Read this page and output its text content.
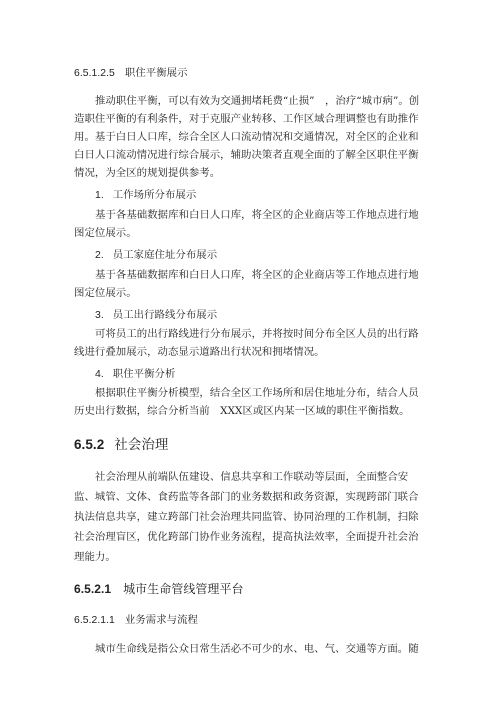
6.5.1.2.5 职住平衡展示
推动职住平衡，可以有效为交通拥堵耗费“止损”　，治疗“城市病”。创
造职住平衡的有利条件，对于克服产业转移、工作区域合理调整也有助推作
用。基于白日人口库，综合全区人口流动情况和交通情况，对全区的企业和
白日人口流动情况进行综合展示，辅助决策者直观全面的了解全区职住平衡
情况，为全区的规划提供参考。
1. 工作场所分布展示
基于各基础数据库和白日人口库，将全区的企业商店等工作地点进行地
图定位展示。
2. 员工家庭住址分布展示
基于各基础数据库和白日人口库，将全区的企业商店等工作地点进行地
图定位展示。
3. 员工出行路线分布展示
可将员工的出行路线进行分布展示，并将按时间分布全区人员的出行路
线进行叠加展示，动态显示道路出行状况和拥堵情况。
4. 职住平衡分析
根据职住平衡分析模型，结合全区工作场所和居住地址分布，结合人员
历史出行数据，综合分析当前　XXX区或区内某一区域的职住平衡指数。
6.5.2 社会治理
社会治理从前端队伍建设、信息共享和工作联动等层面，全面整合安
监、城管、文体、食药监等各部门的业务数据和政务资源，实现跨部门联合
执法信息共享，建立跨部门社会治理共同监管、协同治理的工作机制，扫除
社会治理盲区，优化跨部门协作业务流程，提高执法效率，全面提升社会治
理能力。
6.5.2.1 城市生命管线管理平台
6.5.2.1.1 业务需求与流程
城市生命线是指公众日常生活必不可少的水、电、气、交通等方面。随
